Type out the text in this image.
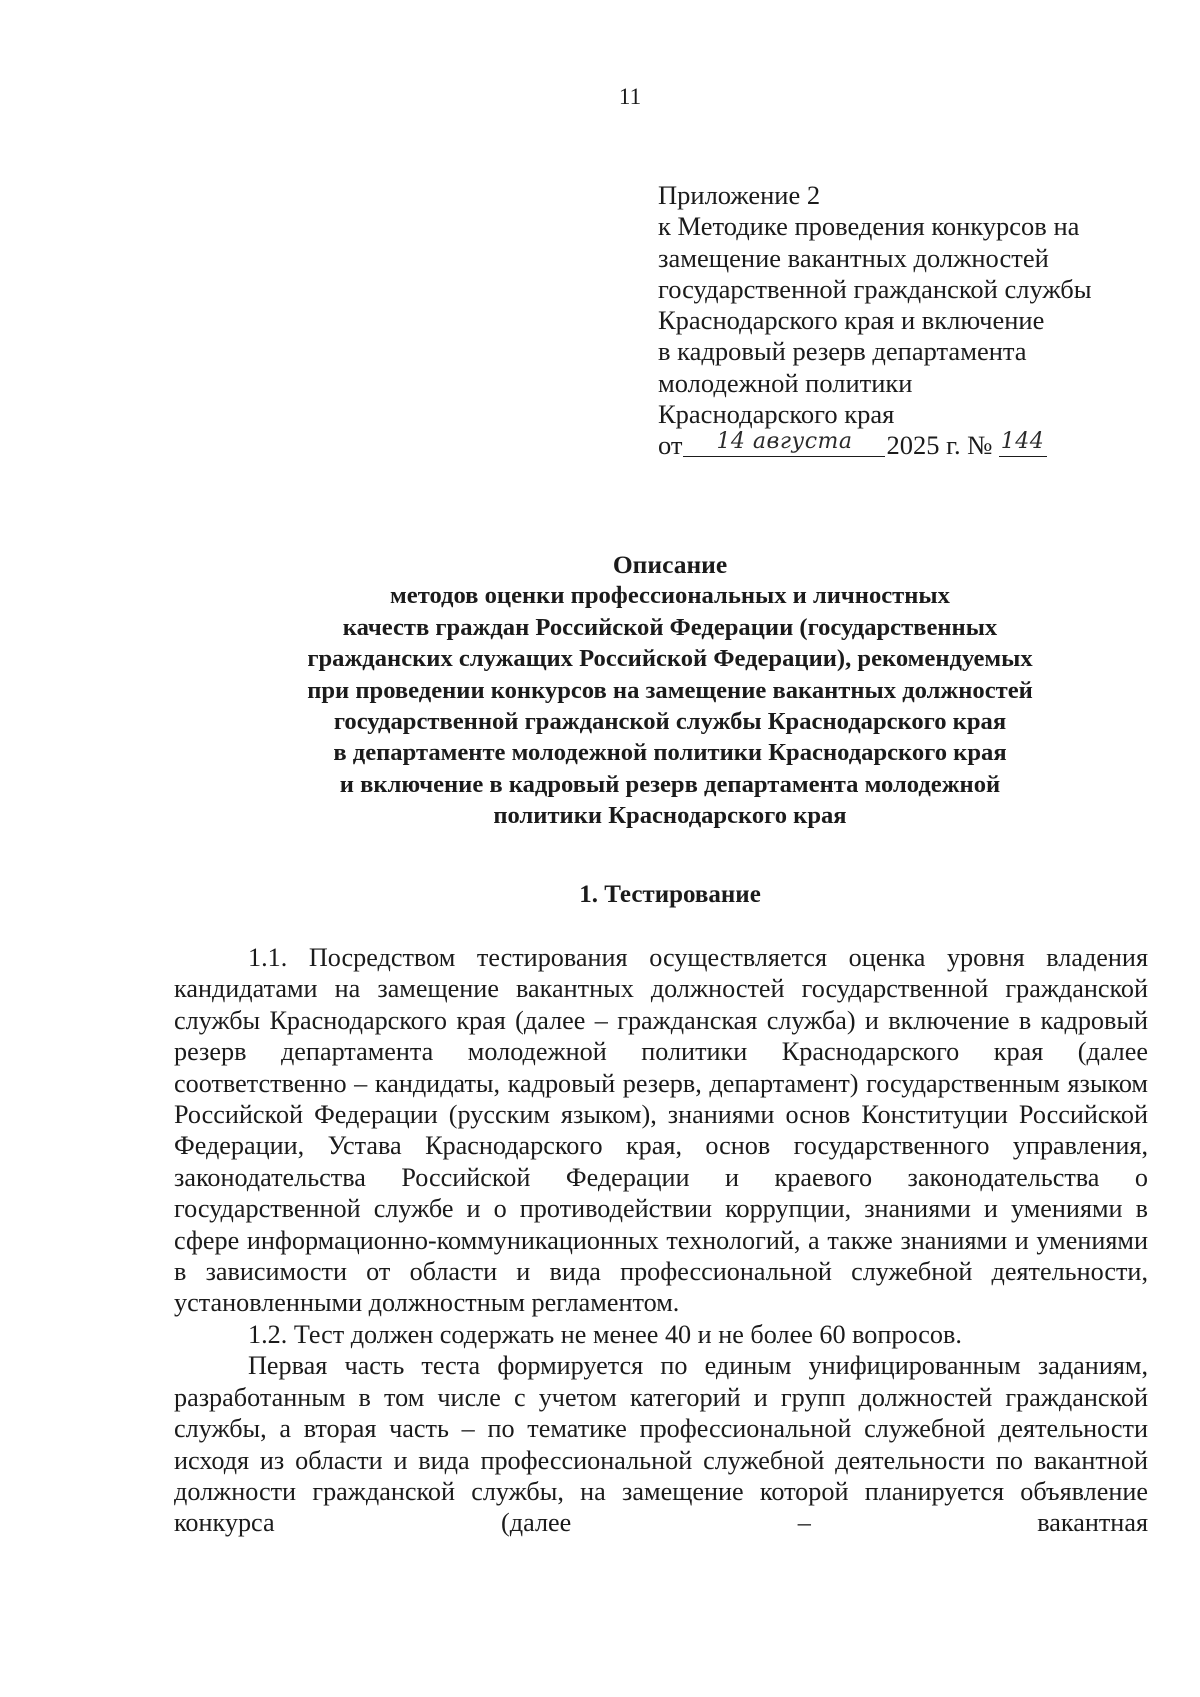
11
Приложение 2
к Методике проведения конкурсов на
замещение вакантных должностей
государственной гражданской службы
Краснодарского края и включение
в кадровый резерв департамента
молодежной политики
Краснодарского края
от	14 августа	2025 г. № 144
Описание
методов оценки профессиональных и личностных
качеств граждан Российской Федерации (государственных
гражданских служащих Российской Федерации), рекомендуемых
при проведении конкурсов на замещение вакантных должностей
государственной гражданской службы Краснодарского края
в департаменте молодежной политики Краснодарского края
и включение в кадровый резерв департамента молодежной
политики Краснодарского края
1. Тестирование

1.1. Посредством тестирования осуществляется оценка уровня владения кандидатами на замещение вакантных должностей государственной гражданской службы Краснодарского края (далее – гражданская служба) и включение в кадровый резерв департамента молодежной политики Краснодарского края (далее соответственно – кандидаты, кадровый резерв, департамент) государственным языком Российской Федерации (русским языком), знаниями основ Конституции Российской Федерации, Устава Краснодарского края, основ государственного управления, законодательства Российской Федерации и краевого законодательства о государственной службе и о противодействии коррупции, знаниями и умениями в сфере информационно-коммуникационных технологий, а также знаниями и умениями в зависимости от области и вида профессиональной служебной деятельности, установленными должностным регламентом.

1.2. Тест должен содержать не менее 40 и не более 60 вопросов.

Первая часть теста формируется по единым унифицированным заданиям, разработанным в том числе с учетом категорий и групп должностей гражданской службы, а вторая часть – по тематике профессиональной служебной деятельности исходя из области и вида профессиональной служебной деятельности по вакантной должности гражданской службы, на замещение которой планируется объявление конкурса (далее – вакантная
